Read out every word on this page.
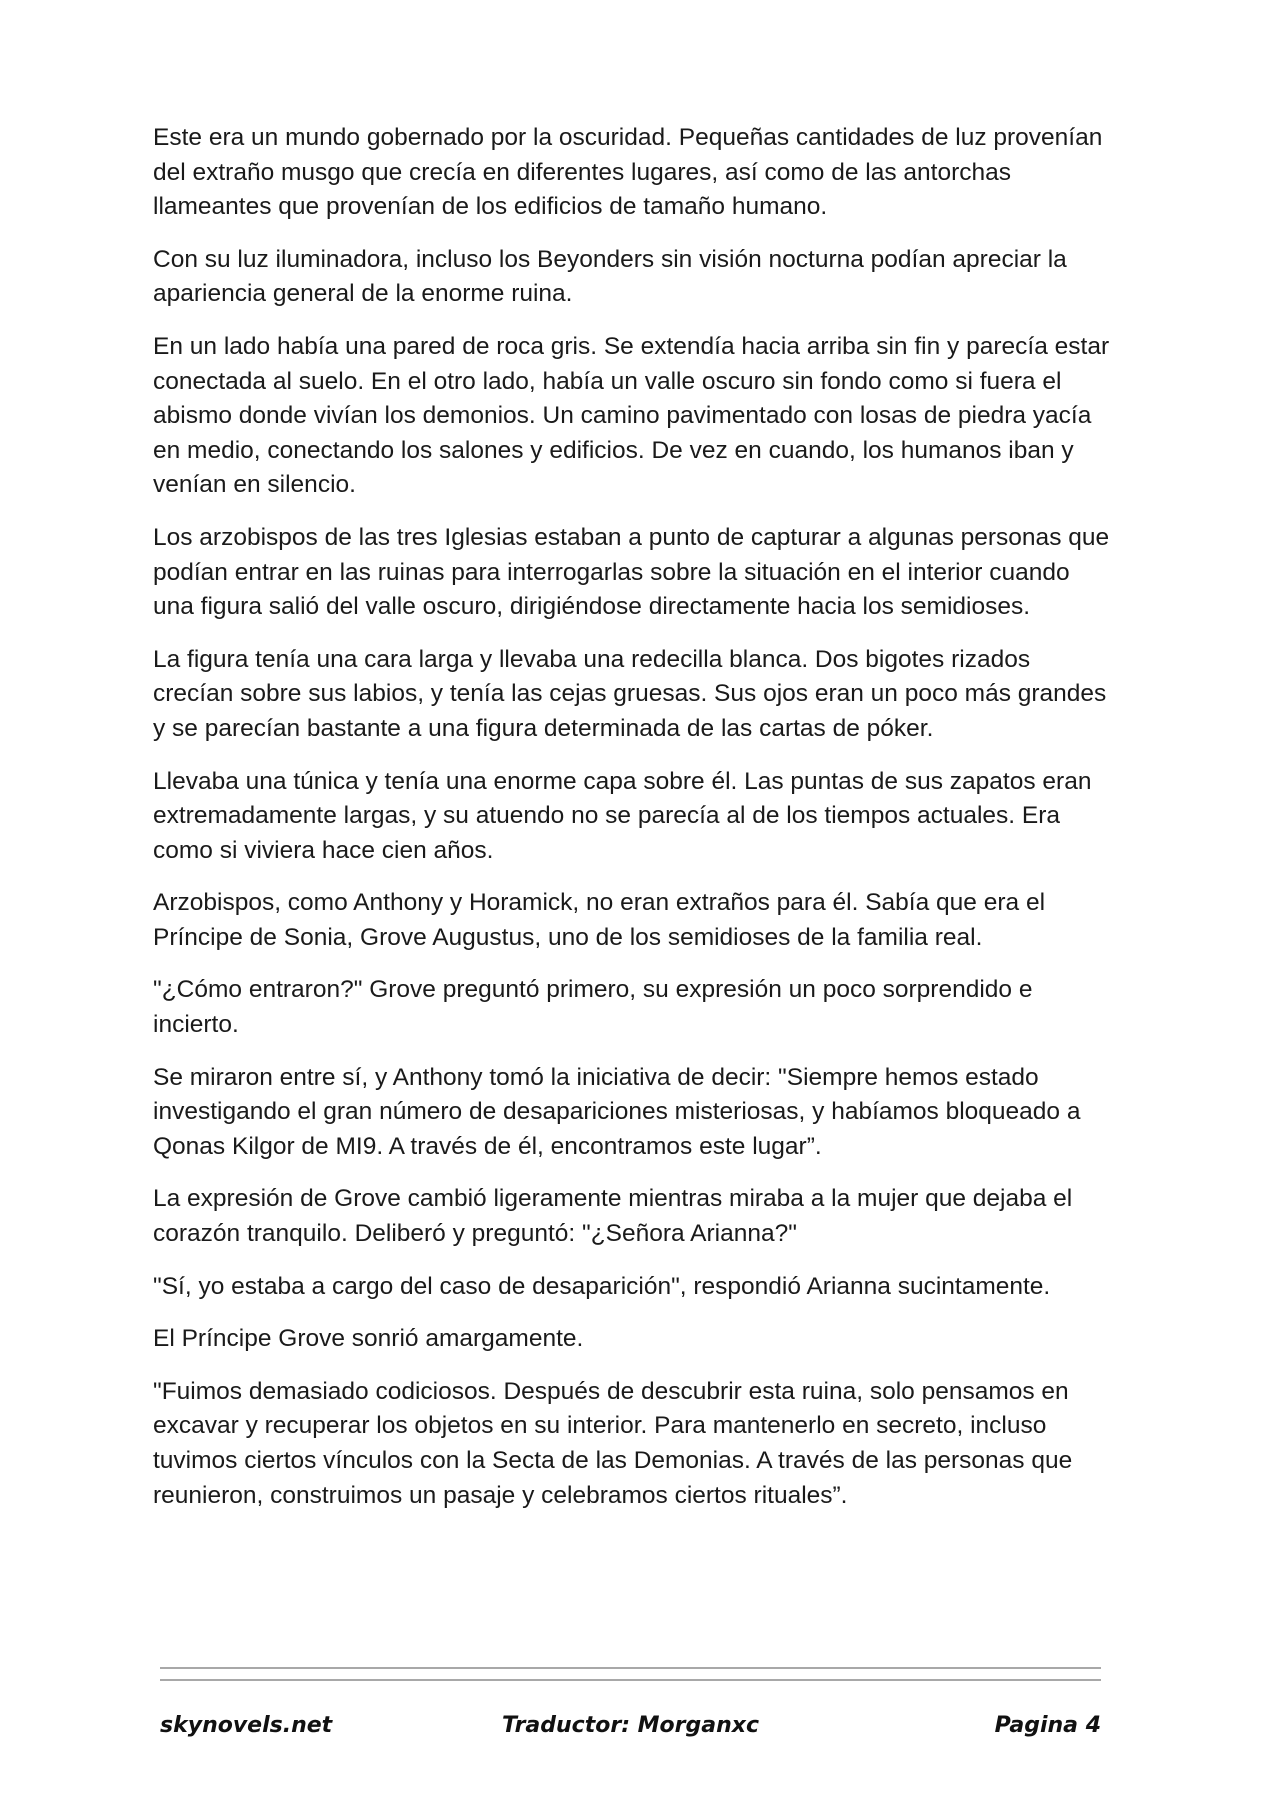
Este era un mundo gobernado por la oscuridad. Pequeñas cantidades de luz provenían del extraño musgo que crecía en diferentes lugares, así como de las antorchas llameantes que provenían de los edificios de tamaño humano.

Con su luz iluminadora, incluso los Beyonders sin visión nocturna podían apreciar la apariencia general de la enorme ruina.

En un lado había una pared de roca gris. Se extendía hacia arriba sin fin y parecía estar conectada al suelo. En el otro lado, había un valle oscuro sin fondo como si fuera el abismo donde vivían los demonios. Un camino pavimentado con losas de piedra yacía en medio, conectando los salones y edificios. De vez en cuando, los humanos iban y venían en silencio.

Los arzobispos de las tres Iglesias estaban a punto de capturar a algunas personas que podían entrar en las ruinas para interrogarlas sobre la situación en el interior cuando una figura salió del valle oscuro, dirigiéndose directamente hacia los semidioses.

La figura tenía una cara larga y llevaba una redecilla blanca. Dos bigotes rizados crecían sobre sus labios, y tenía las cejas gruesas. Sus ojos eran un poco más grandes y se parecían bastante a una figura determinada de las cartas de póker.

Llevaba una túnica y tenía una enorme capa sobre él. Las puntas de sus zapatos eran extremadamente largas, y su atuendo no se parecía al de los tiempos actuales. Era como si viviera hace cien años.

Arzobispos, como Anthony y Horamick, no eran extraños para él. Sabía que era el Príncipe de Sonia, Grove Augustus, uno de los semidioses de la familia real.

"¿Cómo entraron?" Grove preguntó primero, su expresión un poco sorprendido e incierto.

Se miraron entre sí, y Anthony tomó la iniciativa de decir: "Siempre hemos estado investigando el gran número de desapariciones misteriosas, y habíamos bloqueado a Qonas Kilgor de MI9. A través de él, encontramos este lugar”.

La expresión de Grove cambió ligeramente mientras miraba a la mujer que dejaba el corazón tranquilo. Deliberó y preguntó: "¿Señora Arianna?"

"Sí, yo estaba a cargo del caso de desaparición", respondió Arianna sucintamente.

El Príncipe Grove sonrió amargamente.

"Fuimos demasiado codiciosos. Después de descubrir esta ruina, solo pensamos en excavar y recuperar los objetos en su interior. Para mantenerlo en secreto, incluso tuvimos ciertos vínculos con la Secta de las Demonias. A través de las personas que reunieron, construimos un pasaje y celebramos ciertos rituales”.

skynovels.net	Traductor: Morganxc	Pagina 4
